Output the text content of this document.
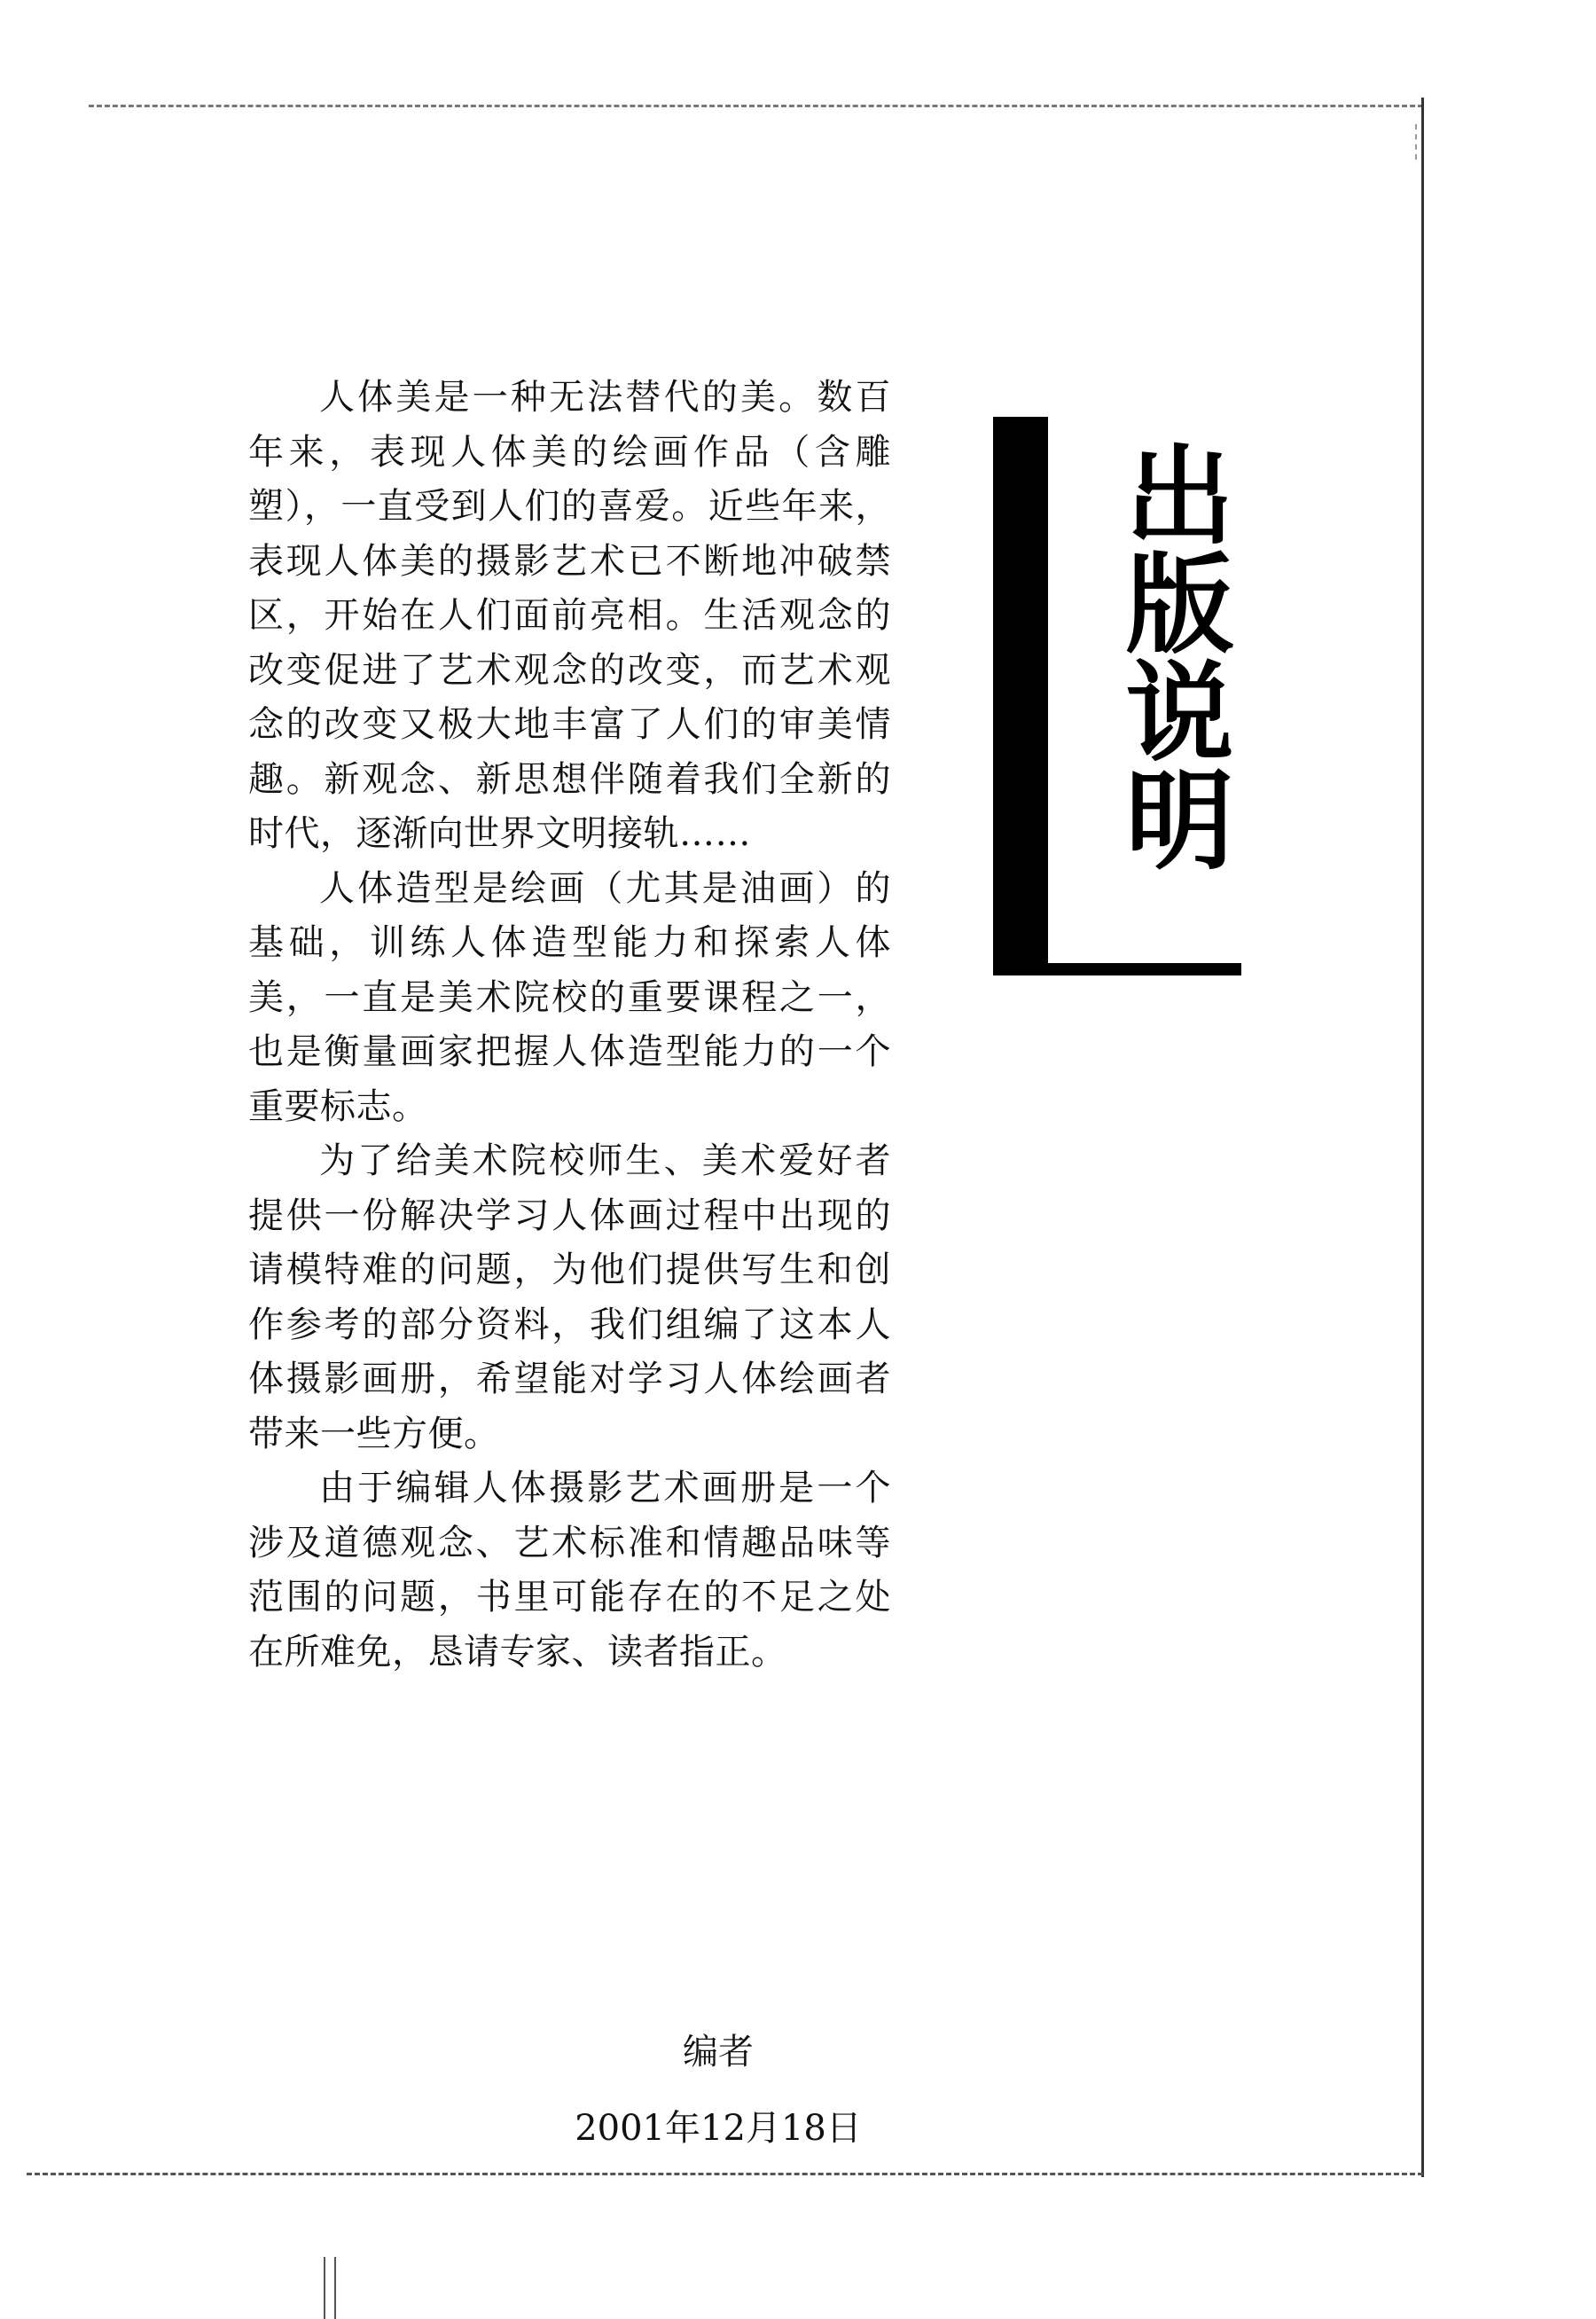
人体美是一种无法替代的美。数百年来，表现人体美的绘画作品（含雕塑），一直受到人们的喜爱。近些年来，表现人体美的摄影艺术已不断地冲破禁区，开始在人们面前亮相。生活观念的改变促进了艺术观念的改变，而艺术观念的改变又极大地丰富了人们的审美情趣。新观念、新思想伴随着我们全新的时代，逐渐向世界文明接轨……

人体造型是绘画（尤其是油画）的基础，训练人体造型能力和探索人体美，一直是美术院校的重要课程之一，也是衡量画家把握人体造型能力的一个重要标志。

为了给美术院校师生、美术爱好者提供一份解决学习人体画过程中出现的请模特难的问题，为他们提供写生和创作参考的部分资料，我们组编了这本人体摄影画册，希望能对学习人体绘画者带来一些方便。

由于编辑人体摄影艺术画册是一个涉及道德观念、艺术标准和情趣品味等范围的问题，书里可能存在的不足之处在所难免，恳请专家、读者指正。

出版说明
编者
2001年12月18日
